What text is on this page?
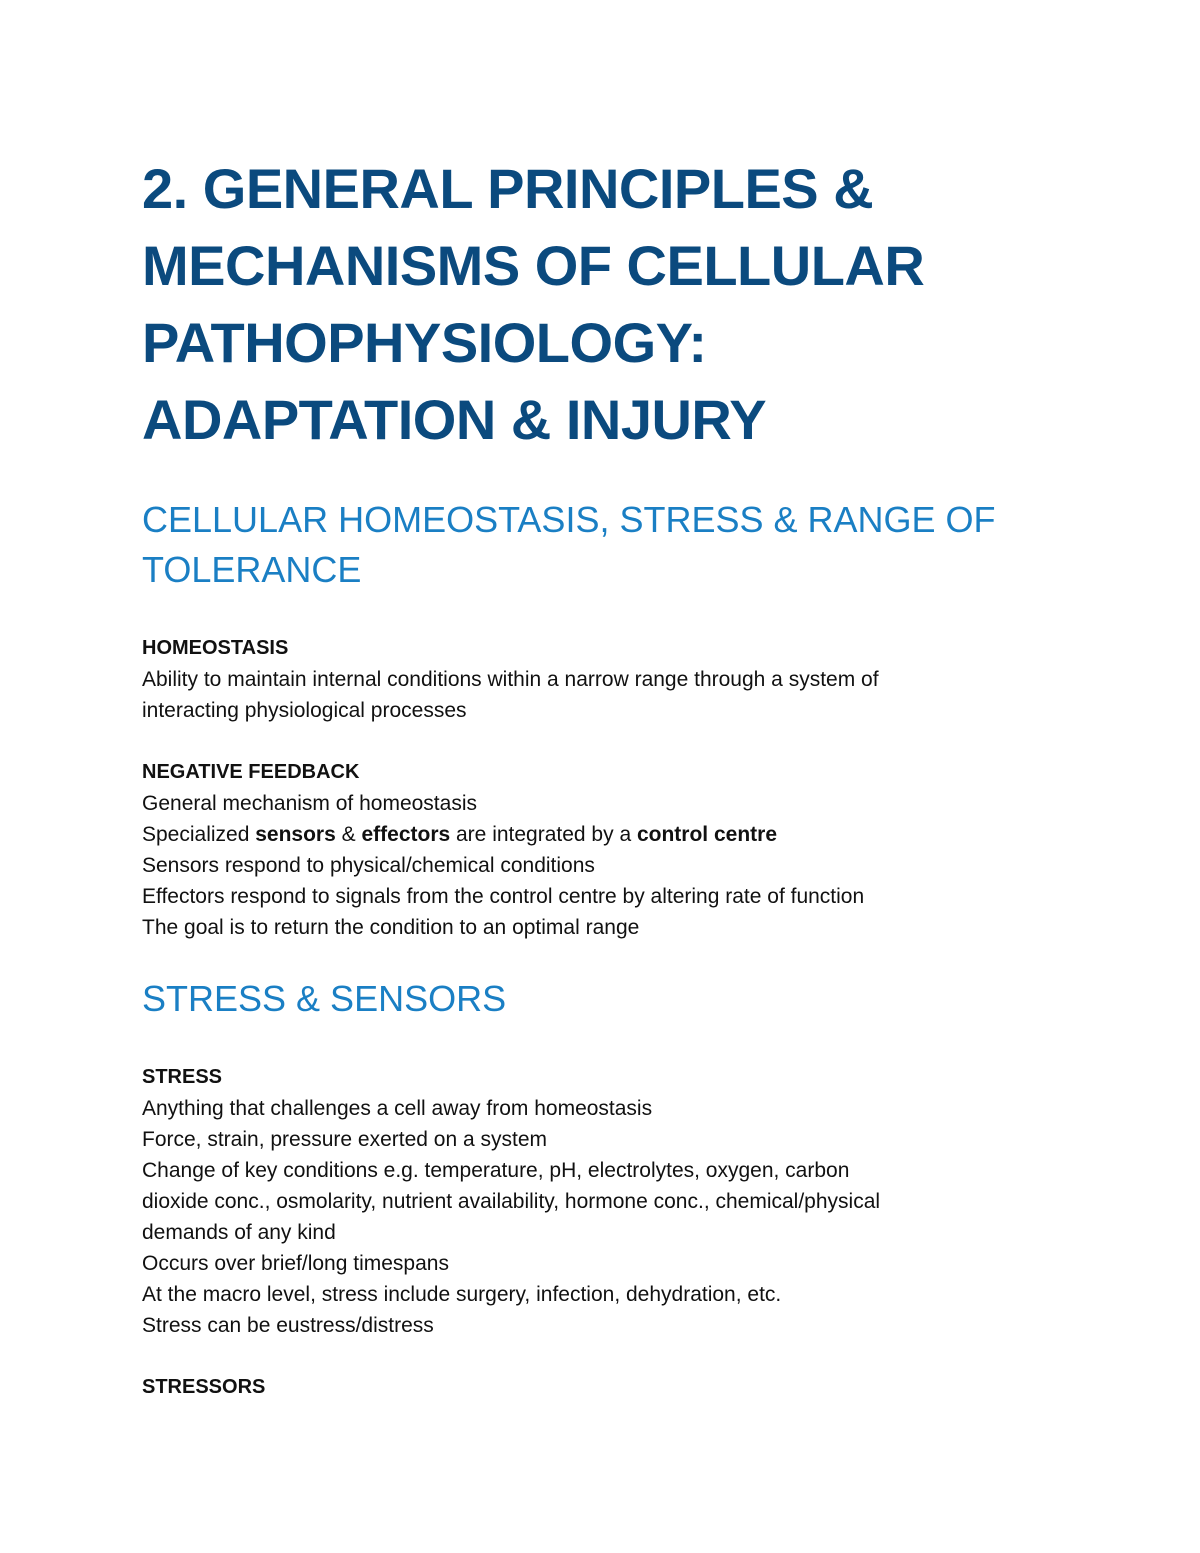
2. GENERAL PRINCIPLES &
MECHANISMS OF CELLULAR
PATHOPHYSIOLOGY:
ADAPTATION & INJURY
CELLULAR HOMEOSTASIS, STRESS & RANGE OF
TOLERANCE

HOMEOSTASIS

Ability to maintain internal conditions within a narrow range through a system of

interacting physiological processes

NEGATIVE FEEDBACK

General mechanism of homeostasis

Specialized sensors & effectors are integrated by a control centre

Sensors respond to physical/chemical conditions

Effectors respond to signals from the control centre by altering rate of function

The goal is to return the condition to an optimal range

STRESS & SENSORS

STRESS

Anything that challenges a cell away from homeostasis

Force, strain, pressure exerted on a system

Change of key conditions e.g. temperature, pH, electrolytes, oxygen, carbon

dioxide conc., osmolarity, nutrient availability, hormone conc., chemical/physical

demands of any kind

Occurs over brief/long timespans

At the macro level, stress include surgery, infection, dehydration, etc.

Stress can be eustress/distress

STRESSORS
